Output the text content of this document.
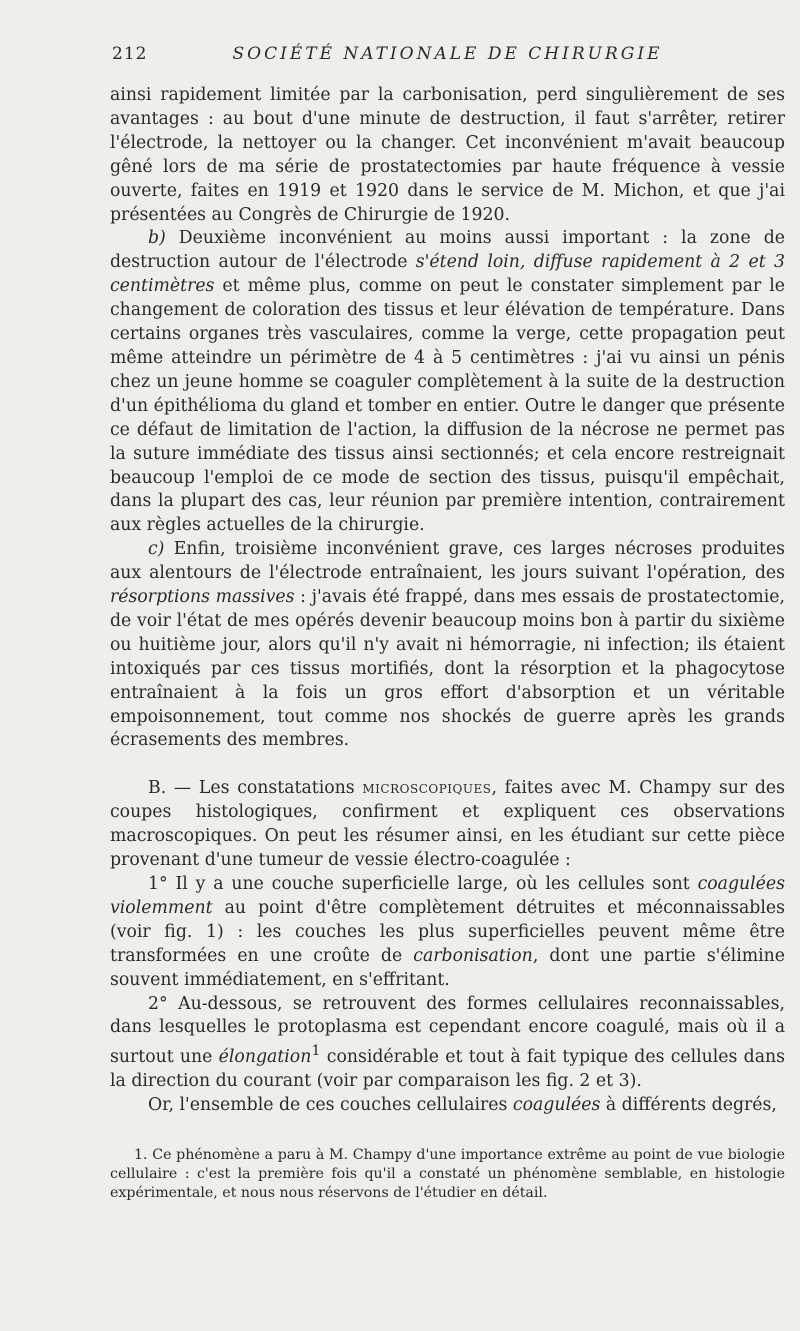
212	SOCIÉTÉ NATIONALE DE CHIRURGIE

ainsi rapidement limitée par la carbonisation, perd singulièrement de ses avantages : au bout d'une minute de destruction, il faut s'arrêter, retirer l'électrode, la nettoyer ou la changer. Cet inconvénient m'avait beaucoup gêné lors de ma série de prostatectomies par haute fréquence à vessie ouverte, faites en 1919 et 1920 dans le service de M. Michon, et que j'ai présentées au Congrès de Chirurgie de 1920.

b) Deuxième inconvénient au moins aussi important : la zone de destruction autour de l'électrode s'étend loin, diffuse rapidement à 2 et 3 centimètres et même plus, comme on peut le constater simplement par le changement de coloration des tissus et leur élévation de température. Dans certains organes très vasculaires, comme la verge, cette propagation peut même atteindre un périmètre de 4 à 5 centimètres : j'ai vu ainsi un pénis chez un jeune homme se coaguler complètement à la suite de la destruction d'un épithélioma du gland et tomber en entier. Outre le danger que présente ce défaut de limitation de l'action, la diffusion de la nécrose ne permet pas la suture immédiate des tissus ainsi sectionnés; et cela encore restreignait beaucoup l'emploi de ce mode de section des tissus, puisqu'il empêchait, dans la plupart des cas, leur réunion par première intention, contrairement aux règles actuelles de la chirurgie.

c) Enfin, troisième inconvénient grave, ces larges nécroses produites aux alentours de l'électrode entraînaient, les jours suivant l'opération, des résorptions massives : j'avais été frappé, dans mes essais de prostatectomie, de voir l'état de mes opérés devenir beaucoup moins bon à partir du sixième ou huitième jour, alors qu'il n'y avait ni hémorragie, ni infection; ils étaient intoxiqués par ces tissus mortifiés, dont la résorption et la phagocytose entraînaient à la fois un gros effort d'absorption et un véritable empoisonnement, tout comme nos shockés de guerre après les grands écrasements des membres.

B. — Les constatations microscopiques, faites avec M. Champy sur des coupes histologiques, confirment et expliquent ces observations macroscopiques. On peut les résumer ainsi, en les étudiant sur cette pièce provenant d'une tumeur de vessie électro-coagulée :

1° Il y a une couche superficielle large, où les cellules sont coagulées violemment au point d'être complètement détruites et méconnaissables (voir fig. 1) : les couches les plus superficielles peuvent même être transformées en une croûte de carbonisation, dont une partie s'élimine souvent immédiatement, en s'effritant.

2° Au-dessous, se retrouvent des formes cellulaires reconnaissables, dans lesquelles le protoplasma est cependant encore coagulé, mais où il a surtout une élongation$^1$ considérable et tout à fait typique des cellules dans la direction du courant (voir par comparaison les fig. 2 et 3).

Or, l'ensemble de ces couches cellulaires coagulées à différents degrés,

1. Ce phénomène a paru à M. Champy d'une importance extrême au point de vue biologie cellulaire : c'est la première fois qu'il a constaté un phénomène semblable, en histologie expérimentale, et nous nous réservons de l'étudier en détail.
